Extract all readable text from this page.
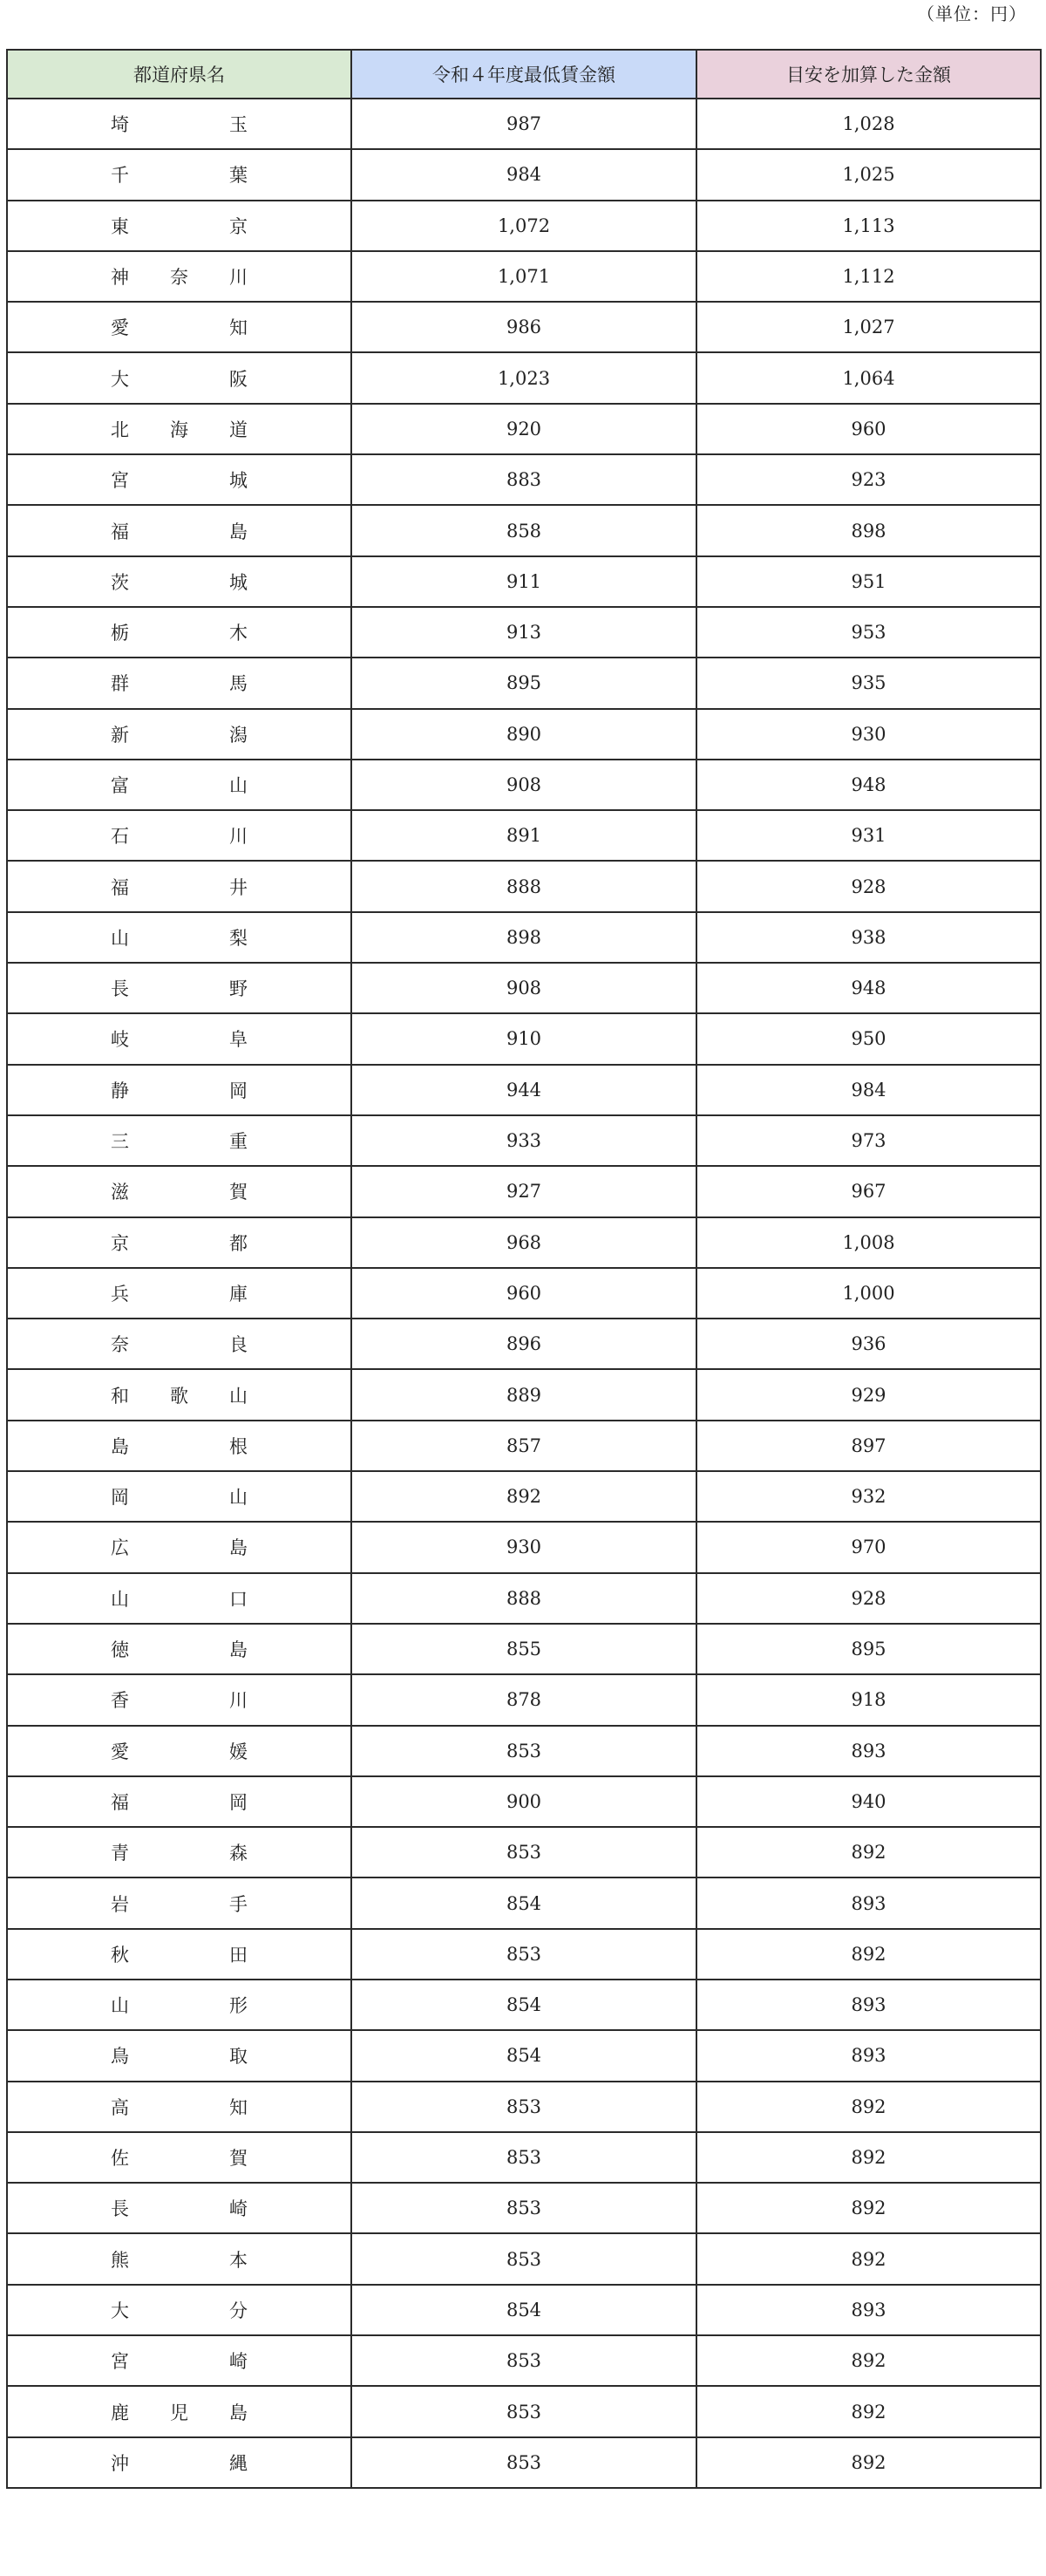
（単位：円）
都道府県名	令和４年度最低賃金額	目安を加算した金額

埼 玉	987	1,028

千 葉	984	1,025

東 京	1,072	1,113

神 奈 川	1,071	1,112

愛 知	986	1,027

大 阪	1,023	1,064

北 海 道	920	960

宮 城	883	923

福 島	858	898

茨 城	911	951

栃 木	913	953

群 馬	895	935

新 潟	890	930

富 山	908	948

石 川	891	931

福 井	888	928

山 梨	898	938

長 野	908	948

岐 阜	910	950

静 岡	944	984

三 重	933	973

滋 賀	927	967

京 都	968	1,008

兵 庫	960	1,000

奈 良	896	936

和 歌 山	889	929

島 根	857	897

岡 山	892	932

広 島	930	970

山 口	888	928

徳 島	855	895

香 川	878	918

愛 媛	853	893

福 岡	900	940

青 森	853	892

岩 手	854	893

秋 田	853	892

山 形	854	893

鳥 取	854	893

高 知	853	892

佐 賀	853	892

長 崎	853	892

熊 本	853	892

大 分	854	893

宮 崎	853	892

鹿 児 島	853	892

沖 縄	853	892
